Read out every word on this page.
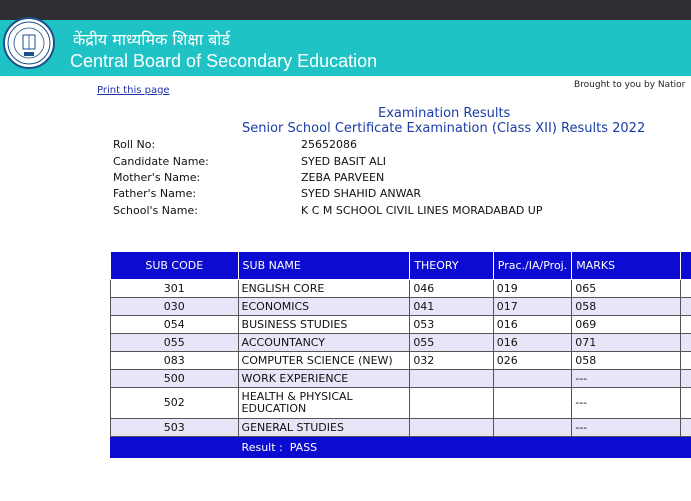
केंद्रीय माध्यमिक शिक्षा बोर्ड
Central Board of Secondary Education
Print this page	Brought to you by Natior
Examination Results
Senior School Certificate Examination (Class XII) Results 2022
Roll No:	25652086
Candidate Name:	SYED BASIT ALI
Mother's Name:	ZEBA PARVEEN
Father's Name:	SYED SHAHID ANWAR
School's Name:	K C M SCHOOL CIVIL LINES MORADABAD UP
SUB CODE	SUB NAME	THEORY	Prac./IA/Proj.	MARKS	
301	ENGLISH CORE	046	019	065	
030	ECONOMICS	041	017	058	
054	BUSINESS STUDIES	053	016	069	
055	ACCOUNTANCY	055	016	071	
083	COMPUTER SCIENCE (NEW)	032	026	058	
500	WORK EXPERIENCE			---	
502	HEALTH & PHYSICAL EDUCATION			---	
503	GENERAL STUDIES			---	
	Result : PASS				
